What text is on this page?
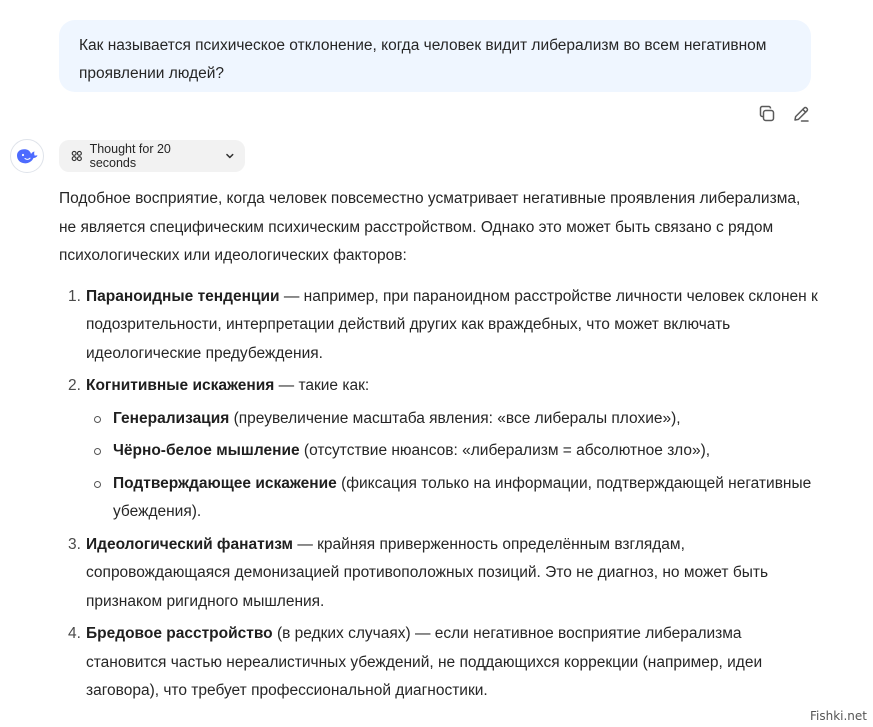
Как называется психическое отклонение, когда человек видит либерализм во всем негативном проявлении людей?
Thought for 20 seconds

Подобное восприятие, когда человек повсеместно усматривает негативные проявления либерализма, не является специфическим психическим расстройством. Однако это может быть связано с рядом психологических или идеологических факторов:

1. Параноидные тенденции — например, при параноидном расстройстве личности человек склонен к подозрительности, интерпретации действий других как враждебных, что может включать идеологические предубеждения.
2. Когнитивные искажения — такие как:
Генерализация (преувеличение масштаба явления: «все либералы плохие»),
Чёрно-белое мышление (отсутствие нюансов: «либерализм = абсолютное зло»),
Подтверждающее искажение (фиксация только на информации, подтверждающей негативные убеждения).
3. Идеологический фанатизм — крайняя приверженность определённым взглядам, сопровождающаяся демонизацией противоположных позиций. Это не диагноз, но может быть признаком ригидного мышления.
4. Бредовое расстройство (в редких случаях) — если негативное восприятие либерализма становится частью нереалистичных убеждений, не поддающихся коррекции (например, идеи заговора), что требует профессиональной диагностики.
Fishki.net
